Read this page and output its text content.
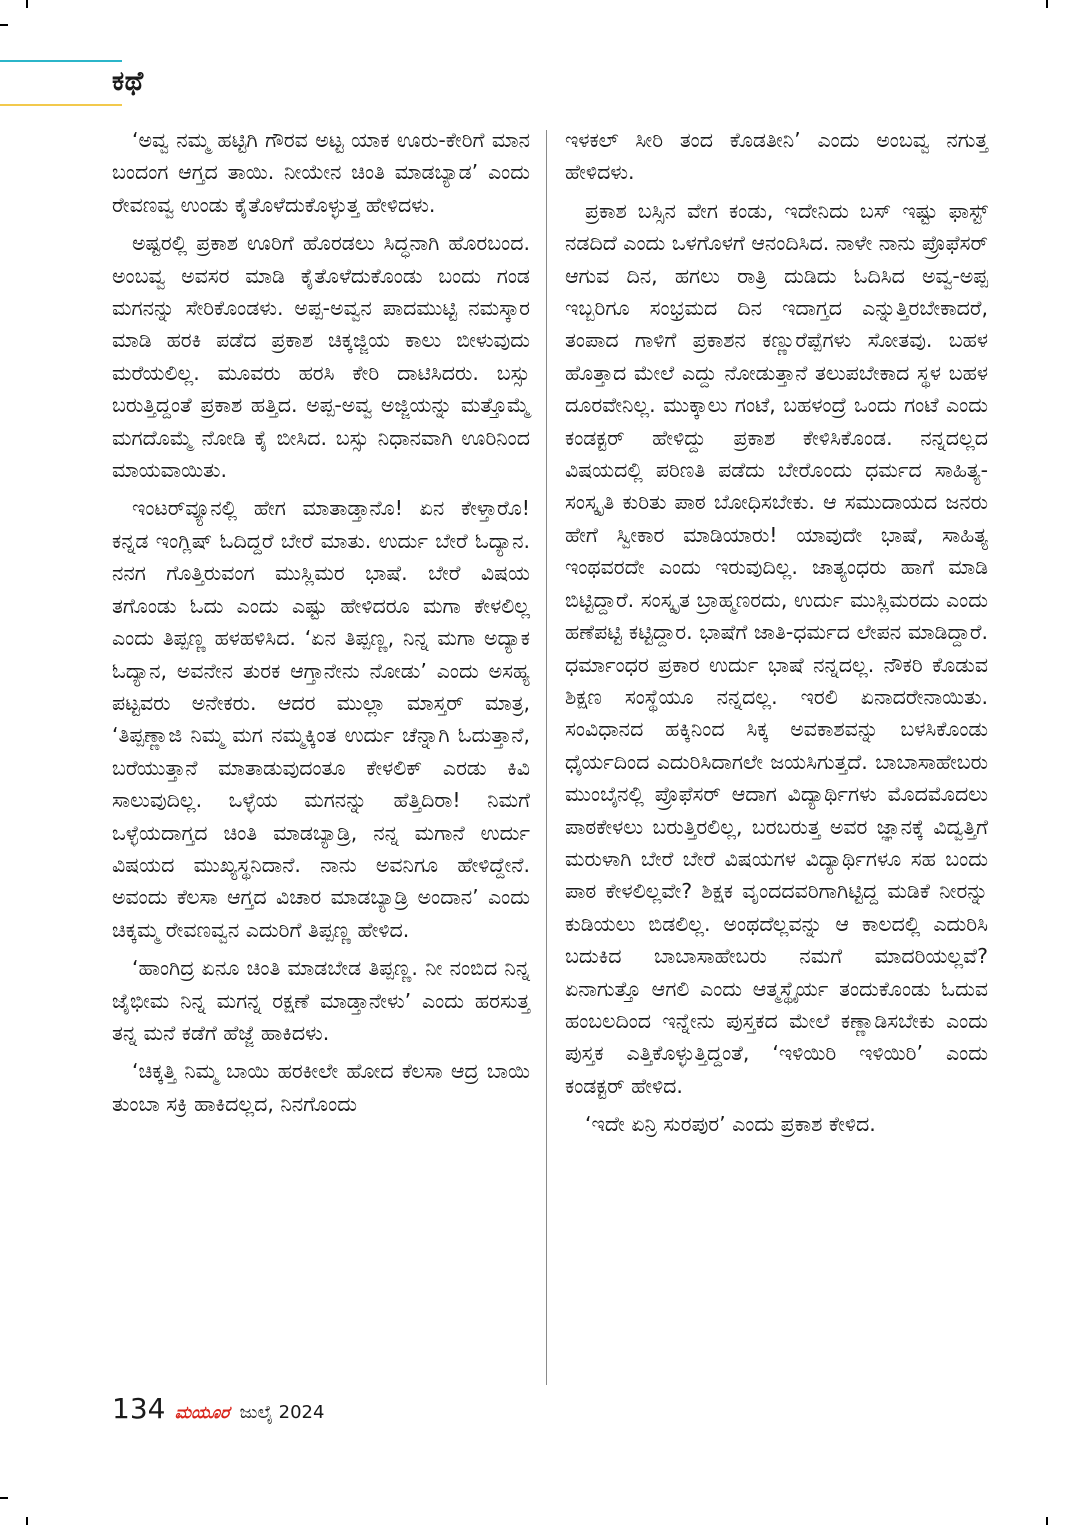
ಕಥೆ

‘ಅವ್ವ ನಮ್ಮ ಹಟ್ಟಿಗಿ ಗೌರವ ಅಟ್ಟ ಯಾಕ ಊರು-ಕೇರಿಗೆ ಮಾನ ಬಂದಂಗ ಆಗ್ತದ ತಾಯಿ. ನೀಯೇನ ಚಿಂತಿ ಮಾಡಬ್ಯಾಡ’ ಎಂದು ರೇವಣವ್ವ ಉಂಡು ಕೈತೊಳೆದುಕೊಳ್ಳುತ್ತ ಹೇಳಿದಳು.

ಅಷ್ಟರಲ್ಲಿ ಪ್ರಕಾಶ ಊರಿಗೆ ಹೊರಡಲು ಸಿದ್ಧನಾಗಿ ಹೊರಬಂದ. ಅಂಬವ್ವ ಅವಸರ ಮಾಡಿ ಕೈತೊಳೆದುಕೊಂಡು ಬಂದು ಗಂಡ ಮಗನನ್ನು ಸೇರಿಕೊಂಡಳು. ಅಪ್ಪ-ಅವ್ವನ ಪಾದಮುಟ್ಟಿ ನಮಸ್ಕಾರ ಮಾಡಿ ಹರಕಿ ಪಡೆದ ಪ್ರಕಾಶ ಚಿಕ್ಕಜ್ಜಿಯ ಕಾಲು ಬೀಳುವುದು ಮರೆಯಲಿಲ್ಲ. ಮೂವರು ಹರಸಿ ಕೇರಿ ದಾಟಿಸಿದರು. ಬಸ್ಸು ಬರುತ್ತಿದ್ದಂತೆ ಪ್ರಕಾಶ ಹತ್ತಿದ. ಅಪ್ಪ-ಅವ್ವ ಅಜ್ಜಿಯನ್ನು ಮತ್ತೊಮ್ಮೆ ಮಗದೊಮ್ಮೆ ನೋಡಿ ಕೈ ಬೀಸಿದ. ಬಸ್ಸು ನಿಧಾನವಾಗಿ ಊರಿನಿಂದ ಮಾಯವಾಯಿತು.

ಇಂಟರ್‌ವ್ಯೂನಲ್ಲಿ ಹೇಗ ಮಾತಾಡ್ತಾನೊ! ಏನ ಕೇಳ್ತಾರೊ! ಕನ್ನಡ ಇಂಗ್ಲಿಷ್ ಓದಿದ್ದರೆ ಬೇರೆ ಮಾತು. ಉರ್ದು ಬೇರೆ ಓದ್ಯಾನ. ನನಗ ಗೊತ್ತಿರುವಂಗ ಮುಸ್ಲಿಮರ ಭಾಷೆ. ಬೇರೆ ವಿಷಯ ತಗೊಂಡು ಓದು ಎಂದು ಎಷ್ಟು ಹೇಳಿದರೂ ಮಗಾ ಕೇಳಲಿಲ್ಲ ಎಂದು ತಿಪ್ಪಣ್ಣ ಹಳಹಳಿಸಿದ. ‘ಏನ ತಿಪ್ಪಣ್ಣ, ನಿನ್ನ ಮಗಾ ಅದ್ಯಾಕ ಓದ್ಯಾನ, ಅವನೇನ ತುರಕ ಆಗ್ತಾನೇನು ನೋಡು’ ಎಂದು ಅಸಹ್ಯ ಪಟ್ಟವರು ಅನೇಕರು. ಆದರ ಮುಲ್ಲಾ ಮಾಸ್ತರ್ ಮಾತ್ರ, ‘ತಿಪ್ಪಣ್ಣಾಜಿ ನಿಮ್ಮ ಮಗ ನಮ್ಮಕ್ಕಿಂತ ಉರ್ದು ಚೆನ್ನಾಗಿ ಓದುತ್ತಾನೆ, ಬರೆಯುತ್ತಾನೆ ಮಾತಾಡುವುದಂತೂ ಕೇಳಲಿಕ್ ಎರಡು ಕಿವಿ ಸಾಲುವುದಿಲ್ಲ. ಒಳ್ಳೆಯ ಮಗನನ್ನು ಹೆತ್ತಿದಿರಾ! ನಿಮಗೆ ಒಳ್ಳೆಯದಾಗ್ತದ ಚಿಂತಿ ಮಾಡಬ್ಯಾಡ್ರಿ, ನನ್ನ ಮಗಾನೆ ಉರ್ದು ವಿಷಯದ ಮುಖ್ಯಸ್ಥನಿದಾನೆ. ನಾನು ಅವನಿಗೂ ಹೇಳಿದ್ದೇನೆ. ಅವಂದು ಕೆಲಸಾ ಆಗ್ತದ ವಿಚಾರ ಮಾಡಬ್ಯಾಡ್ರಿ ಅಂದಾನ’ ಎಂದು ಚಿಕ್ಕಮ್ಮ ರೇವಣವ್ವನ ಎದುರಿಗೆ ತಿಪ್ಪಣ್ಣ ಹೇಳಿದ.

‘ಹಾಂಗಿದ್ರ ಏನೂ ಚಿಂತಿ ಮಾಡಬೇಡ ತಿಪ್ಪಣ್ಣ. ನೀ ನಂಬಿದ ನಿನ್ನ ಜೈಭೀಮ ನಿನ್ನ ಮಗನ್ನ ರಕ್ಷಣೆ ಮಾಡ್ತಾನೇಳು’ ಎಂದು ಹರಸುತ್ತ ತನ್ನ ಮನೆ ಕಡೆಗೆ ಹೆಜ್ಜೆ ಹಾಕಿದಳು.

‘ಚಿಕ್ಕತ್ತಿ ನಿಮ್ಮ ಬಾಯಿ ಹರಕೀಲೇ ಹೋದ ಕೆಲಸಾ ಆದ್ರ ಬಾಯಿ ತುಂಬಾ ಸಕ್ರಿ ಹಾಕಿದಲ್ಲದ, ನಿನಗೊಂದು

ಇಳಕಲ್ ಸೀರಿ ತಂದ ಕೊಡತೀನಿ’ ಎಂದು ಅಂಬವ್ವ ನಗುತ್ತ ಹೇಳಿದಳು.

ಪ್ರಕಾಶ ಬಸ್ಸಿನ ವೇಗ ಕಂಡು, ಇದೇನಿದು ಬಸ್ ಇಷ್ಟು ಫಾಸ್ಟ್ ನಡದಿದೆ ಎಂದು ಒಳಗೊಳಗೆ ಆನಂದಿಸಿದ. ನಾಳೇ ನಾನು ಪ್ರೊಫೆಸರ್ ಆಗುವ ದಿನ, ಹಗಲು ರಾತ್ರಿ ದುಡಿದು ಓದಿಸಿದ ಅವ್ವ-ಅಪ್ಪ ಇಬ್ಬರಿಗೂ ಸಂಭ್ರಮದ ದಿನ ಇದಾಗ್ತದ ಎನ್ನುತ್ತಿರಬೇಕಾದರೆ, ತಂಪಾದ ಗಾಳಿಗೆ ಪ್ರಕಾಶನ ಕಣ್ಣುರೆಪ್ಪೆಗಳು ಸೋತವು. ಬಹಳ ಹೊತ್ತಾದ ಮೇಲೆ ಎದ್ದು ನೋಡುತ್ತಾನೆ ತಲುಪಬೇಕಾದ ಸ್ಥಳ ಬಹಳ ದೂರವೇನಿಲ್ಲ. ಮುಕ್ಕಾಲು ಗಂಟೆ, ಬಹಳಂದ್ರೆ ಒಂದು ಗಂಟೆ ಎಂದು ಕಂಡಕ್ಟರ್ ಹೇಳಿದ್ದು ಪ್ರಕಾಶ ಕೇಳಿಸಿಕೊಂಡ. ನನ್ನದಲ್ಲದ ವಿಷಯದಲ್ಲಿ ಪರಿಣತಿ ಪಡೆದು ಬೇರೊಂದು ಧರ್ಮದ ಸಾಹಿತ್ಯ-ಸಂಸ್ಕೃತಿ ಕುರಿತು ಪಾಠ ಬೋಧಿಸಬೇಕು. ಆ ಸಮುದಾಯದ ಜನರು ಹೇಗೆ ಸ್ವೀಕಾರ ಮಾಡಿಯಾರು! ಯಾವುದೇ ಭಾಷೆ, ಸಾಹಿತ್ಯ ಇಂಥವರದೇ ಎಂದು ಇರುವುದಿಲ್ಲ. ಜಾತ್ಯಂಧರು ಹಾಗೆ ಮಾಡಿ ಬಿಟ್ಟಿದ್ದಾರೆ. ಸಂಸ್ಕೃತ ಬ್ರಾಹ್ಮಣರದು, ಉರ್ದು ಮುಸ್ಲಿಮರದು ಎಂದು ಹಣೆಪಟ್ಟಿ ಕಟ್ಟಿದ್ದಾರ. ಭಾಷೆಗೆ ಜಾತಿ-ಧರ್ಮದ ಲೇಪನ ಮಾಡಿದ್ದಾರೆ. ಧರ್ಮಾಂಧರ ಪ್ರಕಾರ ಉರ್ದು ಭಾಷೆ ನನ್ನದಲ್ಲ. ನೌಕರಿ ಕೊಡುವ ಶಿಕ್ಷಣ ಸಂಸ್ಥೆಯೂ ನನ್ನದಲ್ಲ. ಇರಲಿ ಏನಾದರೇನಾಯಿತು. ಸಂವಿಧಾನದ ಹಕ್ಕಿನಿಂದ ಸಿಕ್ಕ ಅವಕಾಶವನ್ನು ಬಳಸಿಕೊಂಡು ಧೈರ್ಯದಿಂದ ಎದುರಿಸಿದಾಗಲೇ ಜಯಸಿಗುತ್ತದೆ. ಬಾಬಾಸಾಹೇಬರು ಮುಂಬೈನಲ್ಲಿ ಪ್ರೊಫೆಸರ್ ಆದಾಗ ವಿದ್ಯಾರ್ಥಿಗಳು ಮೊದಮೊದಲು ಪಾಠಕೇಳಲು ಬರುತ್ತಿರಲಿಲ್ಲ, ಬರಬರುತ್ತ ಅವರ ಜ್ಞಾನಕ್ಕೆ ವಿದ್ವತ್ತಿಗೆ ಮರುಳಾಗಿ ಬೇರೆ ಬೇರೆ ವಿಷಯಗಳ ವಿದ್ಯಾರ್ಥಿಗಳೂ ಸಹ ಬಂದು ಪಾಠ ಕೇಳಲಿಲ್ಲವೇ? ಶಿಕ್ಷಕ ವೃಂದದವರಿಗಾಗಿಟ್ಟಿದ್ದ ಮಡಿಕೆ ನೀರನ್ನು ಕುಡಿಯಲು ಬಿಡಲಿಲ್ಲ. ಅಂಥದೆಲ್ಲವನ್ನು ಆ ಕಾಲದಲ್ಲಿ ಎದುರಿಸಿ ಬದುಕಿದ ಬಾಬಾಸಾಹೇಬರು ನಮಗೆ ಮಾದರಿಯಲ್ಲವೆ? ಏನಾಗುತ್ತೊ ಆಗಲಿ ಎಂದು ಆತ್ಮಸ್ಥೈರ್ಯ ತಂದುಕೊಂಡು ಓದುವ ಹಂಬಲದಿಂದ ಇನ್ನೇನು ಪುಸ್ತಕದ ಮೇಲೆ ಕಣ್ಣಾಡಿಸಬೇಕು ಎಂದು ಪುಸ್ತಕ ಎತ್ತಿಕೊಳ್ಳುತ್ತಿದ್ದಂತೆ, ‘ಇಳಿಯಿರಿ ಇಳಿಯಿರಿ’ ಎಂದು ಕಂಡಕ್ಟರ್ ಹೇಳಿದ.

‘ಇದೇ ಏನ್ರಿ ಸುರಪುರ’ ಎಂದು ಪ್ರಕಾಶ ಕೇಳಿದ.

134 ಮಯೂರ ಜುಲೈ 2024
